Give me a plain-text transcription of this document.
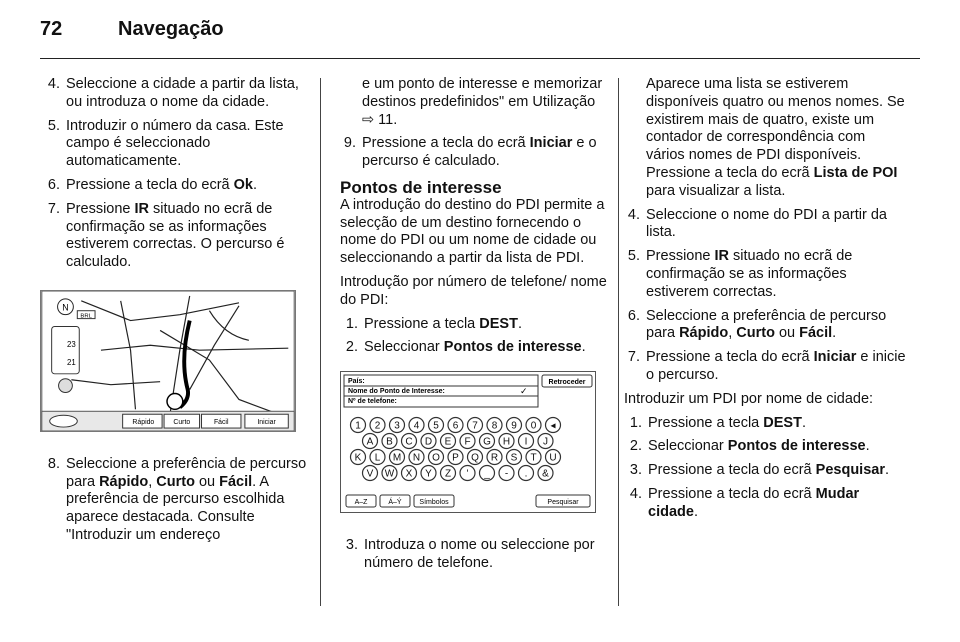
72	Navegação
4. Seleccione a cidade a partir da lista, ou introduza o nome da cidade.
5. Introduzir o número da casa. Este campo é seleccionado automaticamente.
6. Pressione a tecla do ecrã Ok.
7. Pressione IR situado no ecrã de confirmação se as informações estiverem correctas. O percurso é calculado.
N
BRL
23
21
Rápido	Curto	Fácil	Iniciar
8. Seleccione a preferência de percurso para Rápido, Curto ou Fácil. A preferência de percurso escolhida aparece destacada. Consulte "Introduzir um endereço
e um ponto de interesse e memorizar destinos predefinidos" em Utilização ⇨ 11.
9. Pressione a tecla do ecrã Iniciar e o percurso é calculado.
Pontos de interesse

A introdução do destino do PDI permite a selecção de um destino fornecendo o nome do PDI ou um nome de cidade ou seleccionando a partir da lista de PDI.

Introdução por número de telefone/ nome do PDI:

1. Pressione a tecla DEST.
2. Seleccionar Pontos de interesse.
País:
Nome do Ponto de Interesse:	✓
Nº de telefone:
Retroceder
1 2 3 4 5 6 7 8 9 0 ◂
A B C D E F G H I J
K L M N O P Q R S T U
V W X Y Z ' _ - . &
A–Z	Á–Ý	Símbolos	Pesquisar
3. Introduza o nome ou seleccione por número de telefone.
Aparece uma lista se estiverem disponíveis quatro ou menos nomes. Se existirem mais de quatro, existe um contador de correspondência com vários nomes de PDI disponíveis. Pressione a tecla do ecrã Lista de POI para visualizar a lista.
4. Seleccione o nome do PDI a partir da lista.
5. Pressione IR situado no ecrã de confirmação se as informações estiverem correctas.
6. Seleccione a preferência de percurso para Rápido, Curto ou Fácil.
7. Pressione a tecla do ecrã Iniciar e inicie o percurso.

Introduzir um PDI por nome de cidade:

1. Pressione a tecla DEST.
2. Seleccionar Pontos de interesse.
3. Pressione a tecla do ecrã Pesquisar.
4. Pressione a tecla do ecrã Mudar cidade.
